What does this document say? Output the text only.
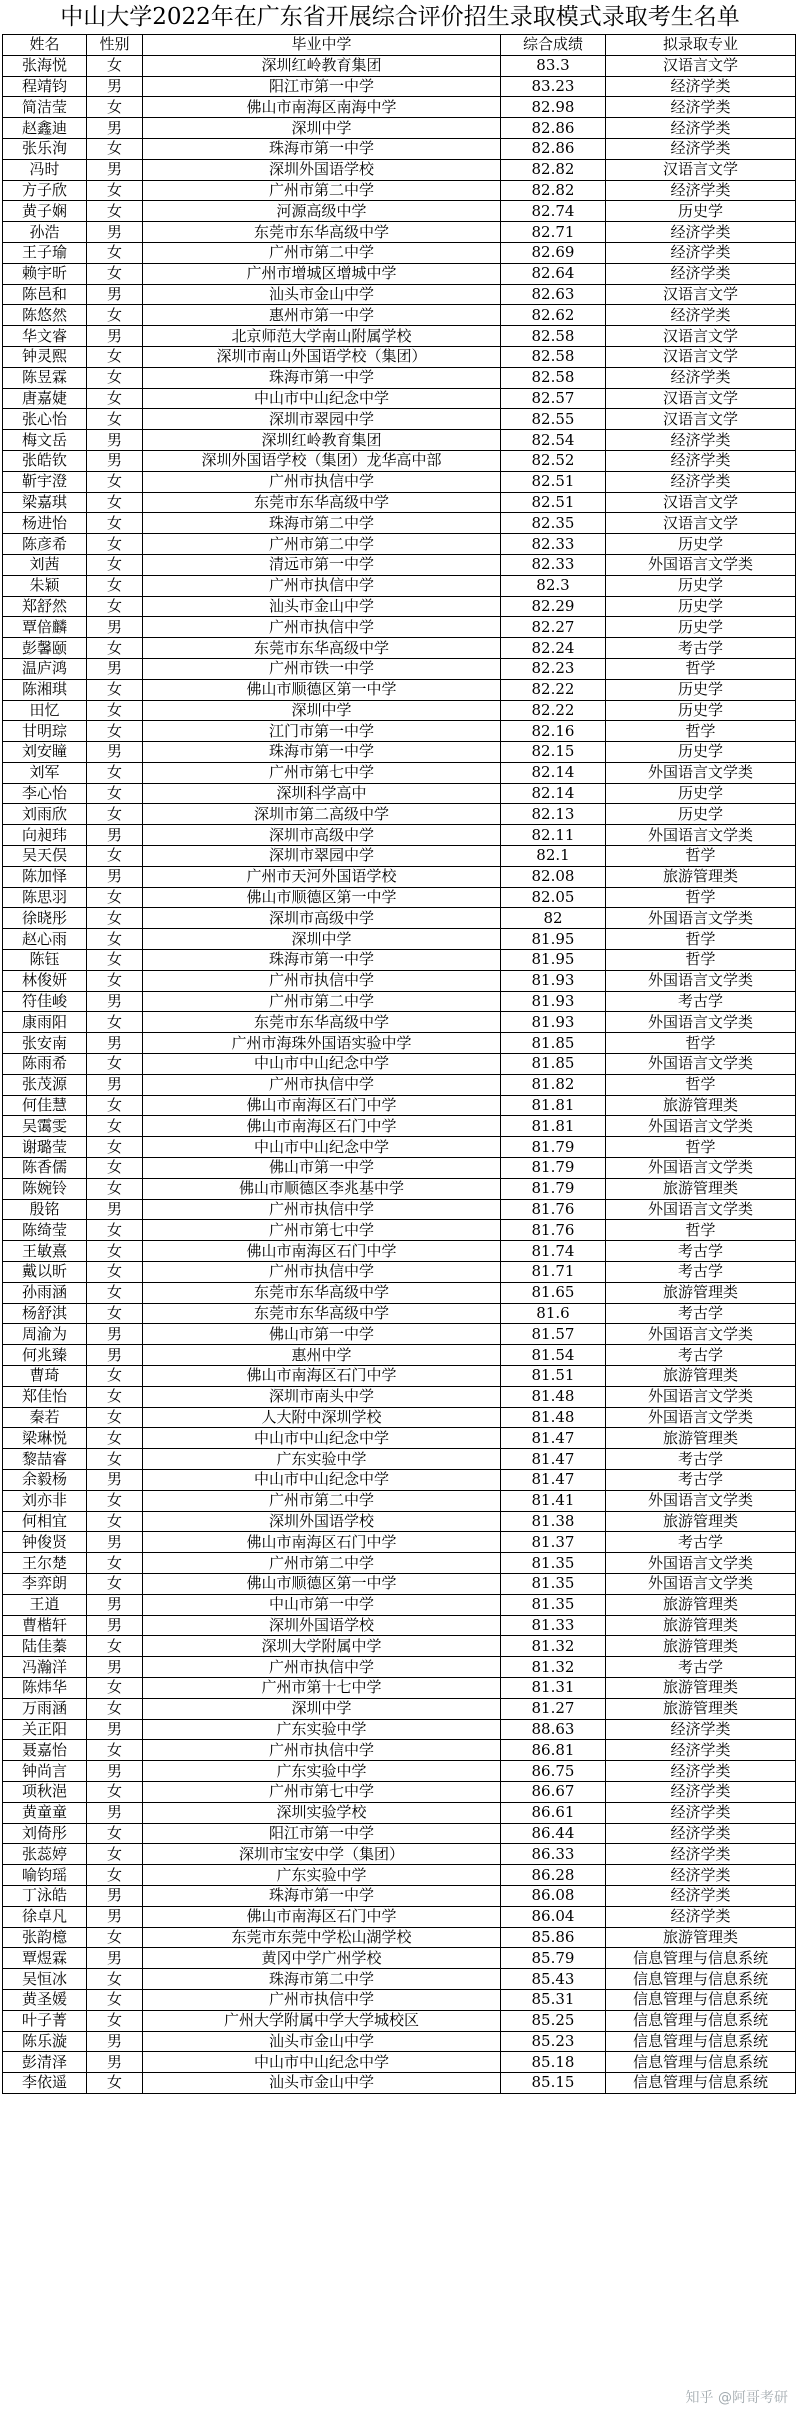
中山大学2022年在广东省开展综合评价招生录取模式录取考生名单
姓名	性别	毕业中学	综合成绩	拟录取专业
张海悦	女	深圳红岭教育集团	83.3	汉语言文学
程靖钧	男	阳江市第一中学	83.23	经济学类
简洁莹	女	佛山市南海区南海中学	82.98	经济学类
赵鑫迪	男	深圳中学	82.86	经济学类
张乐洵	女	珠海市第一中学	82.86	经济学类
冯时	男	深圳外国语学校	82.82	汉语言文学
方子欣	女	广州市第二中学	82.82	经济学类
黄子娴	女	河源高级中学	82.74	历史学
孙浩	男	东莞市东华高级中学	82.71	经济学类
王子瑜	女	广州市第二中学	82.69	经济学类
赖宇昕	女	广州市增城区增城中学	82.64	经济学类
陈邑和	男	汕头市金山中学	82.63	汉语言文学
陈悠然	女	惠州市第一中学	82.62	经济学类
华文睿	男	北京师范大学南山附属学校	82.58	汉语言文学
钟灵熙	女	深圳市南山外国语学校（集团）	82.58	汉语言文学
陈昱霖	女	珠海市第一中学	82.58	经济学类
唐嘉婕	女	中山市中山纪念中学	82.57	汉语言文学
张心怡	女	深圳市翠园中学	82.55	汉语言文学
梅文岳	男	深圳红岭教育集团	82.54	经济学类
张皓钦	男	深圳外国语学校（集团）龙华高中部	82.52	经济学类
靳宇澄	女	广州市执信中学	82.51	经济学类
梁嘉琪	女	东莞市东华高级中学	82.51	汉语言文学
杨进怡	女	珠海市第二中学	82.35	汉语言文学
陈彦希	女	广州市第二中学	82.33	历史学
刘茜	女	清远市第一中学	82.33	外国语言文学类
朱颖	女	广州市执信中学	82.3	历史学
郑舒然	女	汕头市金山中学	82.29	历史学
覃倍麟	男	广州市执信中学	82.27	历史学
彭馨颐	女	东莞市东华高级中学	82.24	考古学
温庐鸿	男	广州市铁一中学	82.23	哲学
陈湘琪	女	佛山市顺德区第一中学	82.22	历史学
田忆	女	深圳中学	82.22	历史学
甘明琮	女	江门市第一中学	82.16	哲学
刘安瞳	男	珠海市第一中学	82.15	历史学
刘军	女	广州市第七中学	82.14	外国语言文学类
李心怡	女	深圳科学高中	82.14	历史学
刘雨欣	女	深圳市第二高级中学	82.13	历史学
向昶玮	男	深圳市高级中学	82.11	外国语言文学类
吴天俣	女	深圳市翠园中学	82.1	哲学
陈加怿	男	广州市天河外国语学校	82.08	旅游管理类
陈思羽	女	佛山市顺德区第一中学	82.05	哲学
徐晓彤	女	深圳市高级中学	82	外国语言文学类
赵心雨	女	深圳中学	81.95	哲学
陈钰	女	珠海市第一中学	81.95	哲学
林俊妍	女	广州市执信中学	81.93	外国语言文学类
符佳峻	男	广州市第二中学	81.93	考古学
康雨阳	女	东莞市东华高级中学	81.93	外国语言文学类
张安南	男	广州市海珠外国语实验中学	81.85	哲学
陈雨希	女	中山市中山纪念中学	81.85	外国语言文学类
张茂源	男	广州市执信中学	81.82	哲学
何佳慧	女	佛山市南海区石门中学	81.81	旅游管理类
吴霭雯	女	佛山市南海区石门中学	81.81	外国语言文学类
谢璐莹	女	中山市中山纪念中学	81.79	哲学
陈香儒	女	佛山市第一中学	81.79	外国语言文学类
陈婉铃	女	佛山市顺德区李兆基中学	81.79	旅游管理类
殷铭	男	广州市执信中学	81.76	外国语言文学类
陈绮莹	女	广州市第七中学	81.76	哲学
王敏熹	女	佛山市南海区石门中学	81.74	考古学
戴以昕	女	广州市执信中学	81.71	考古学
孙雨涵	女	东莞市东华高级中学	81.65	旅游管理类
杨舒淇	女	东莞市东华高级中学	81.6	考古学
周渝为	男	佛山市第一中学	81.57	外国语言文学类
何兆臻	男	惠州中学	81.54	考古学
曹琦	女	佛山市南海区石门中学	81.51	旅游管理类
郑佳怡	女	深圳市南头中学	81.48	外国语言文学类
秦若	女	人大附中深圳学校	81.48	外国语言文学类
梁琳悦	女	中山市中山纪念中学	81.47	旅游管理类
黎喆睿	女	广东实验中学	81.47	考古学
余毅杨	男	中山市中山纪念中学	81.47	考古学
刘亦非	女	广州市第二中学	81.41	外国语言文学类
何相宜	女	深圳外国语学校	81.38	旅游管理类
钟俊贤	男	佛山市南海区石门中学	81.37	考古学
王尔楚	女	广州市第二中学	81.35	外国语言文学类
李弈朗	女	佛山市顺德区第一中学	81.35	外国语言文学类
王逍	男	中山市第一中学	81.35	旅游管理类
曹楷轩	男	深圳外国语学校	81.33	旅游管理类
陆佳蓁	女	深圳大学附属中学	81.32	旅游管理类
冯瀚洋	男	广州市执信中学	81.32	考古学
陈炜华	女	广州市第十七中学	81.31	旅游管理类
万雨涵	女	深圳中学	81.27	旅游管理类
关正阳	男	广东实验中学	88.63	经济学类
聂嘉怡	女	广州市执信中学	86.81	经济学类
钟尚言	男	广东实验中学	86.75	经济学类
项秋浥	女	广州市第七中学	86.67	经济学类
黄童童	男	深圳实验学校	86.61	经济学类
刘倚彤	女	阳江市第一中学	86.44	经济学类
张蕊婷	女	深圳市宝安中学（集团）	86.33	经济学类
喻钧瑶	女	广东实验中学	86.28	经济学类
丁泳皓	男	珠海市第一中学	86.08	经济学类
徐卓凡	男	佛山市南海区石门中学	86.04	经济学类
张韵檍	女	东莞市东莞中学松山湖学校	85.86	旅游管理类
覃煜霖	男	黄冈中学广州学校	85.79	信息管理与信息系统
吴恒冰	女	珠海市第二中学	85.43	信息管理与信息系统
黄圣媛	女	广州市执信中学	85.31	信息管理与信息系统
叶子菁	女	广州大学附属中学大学城校区	85.25	信息管理与信息系统
陈乐漩	男	汕头市金山中学	85.23	信息管理与信息系统
彭清泽	男	中山市中山纪念中学	85.18	信息管理与信息系统
李依遥	女	汕头市金山中学	85.15	信息管理与信息系统
知乎 @阿哥考研
